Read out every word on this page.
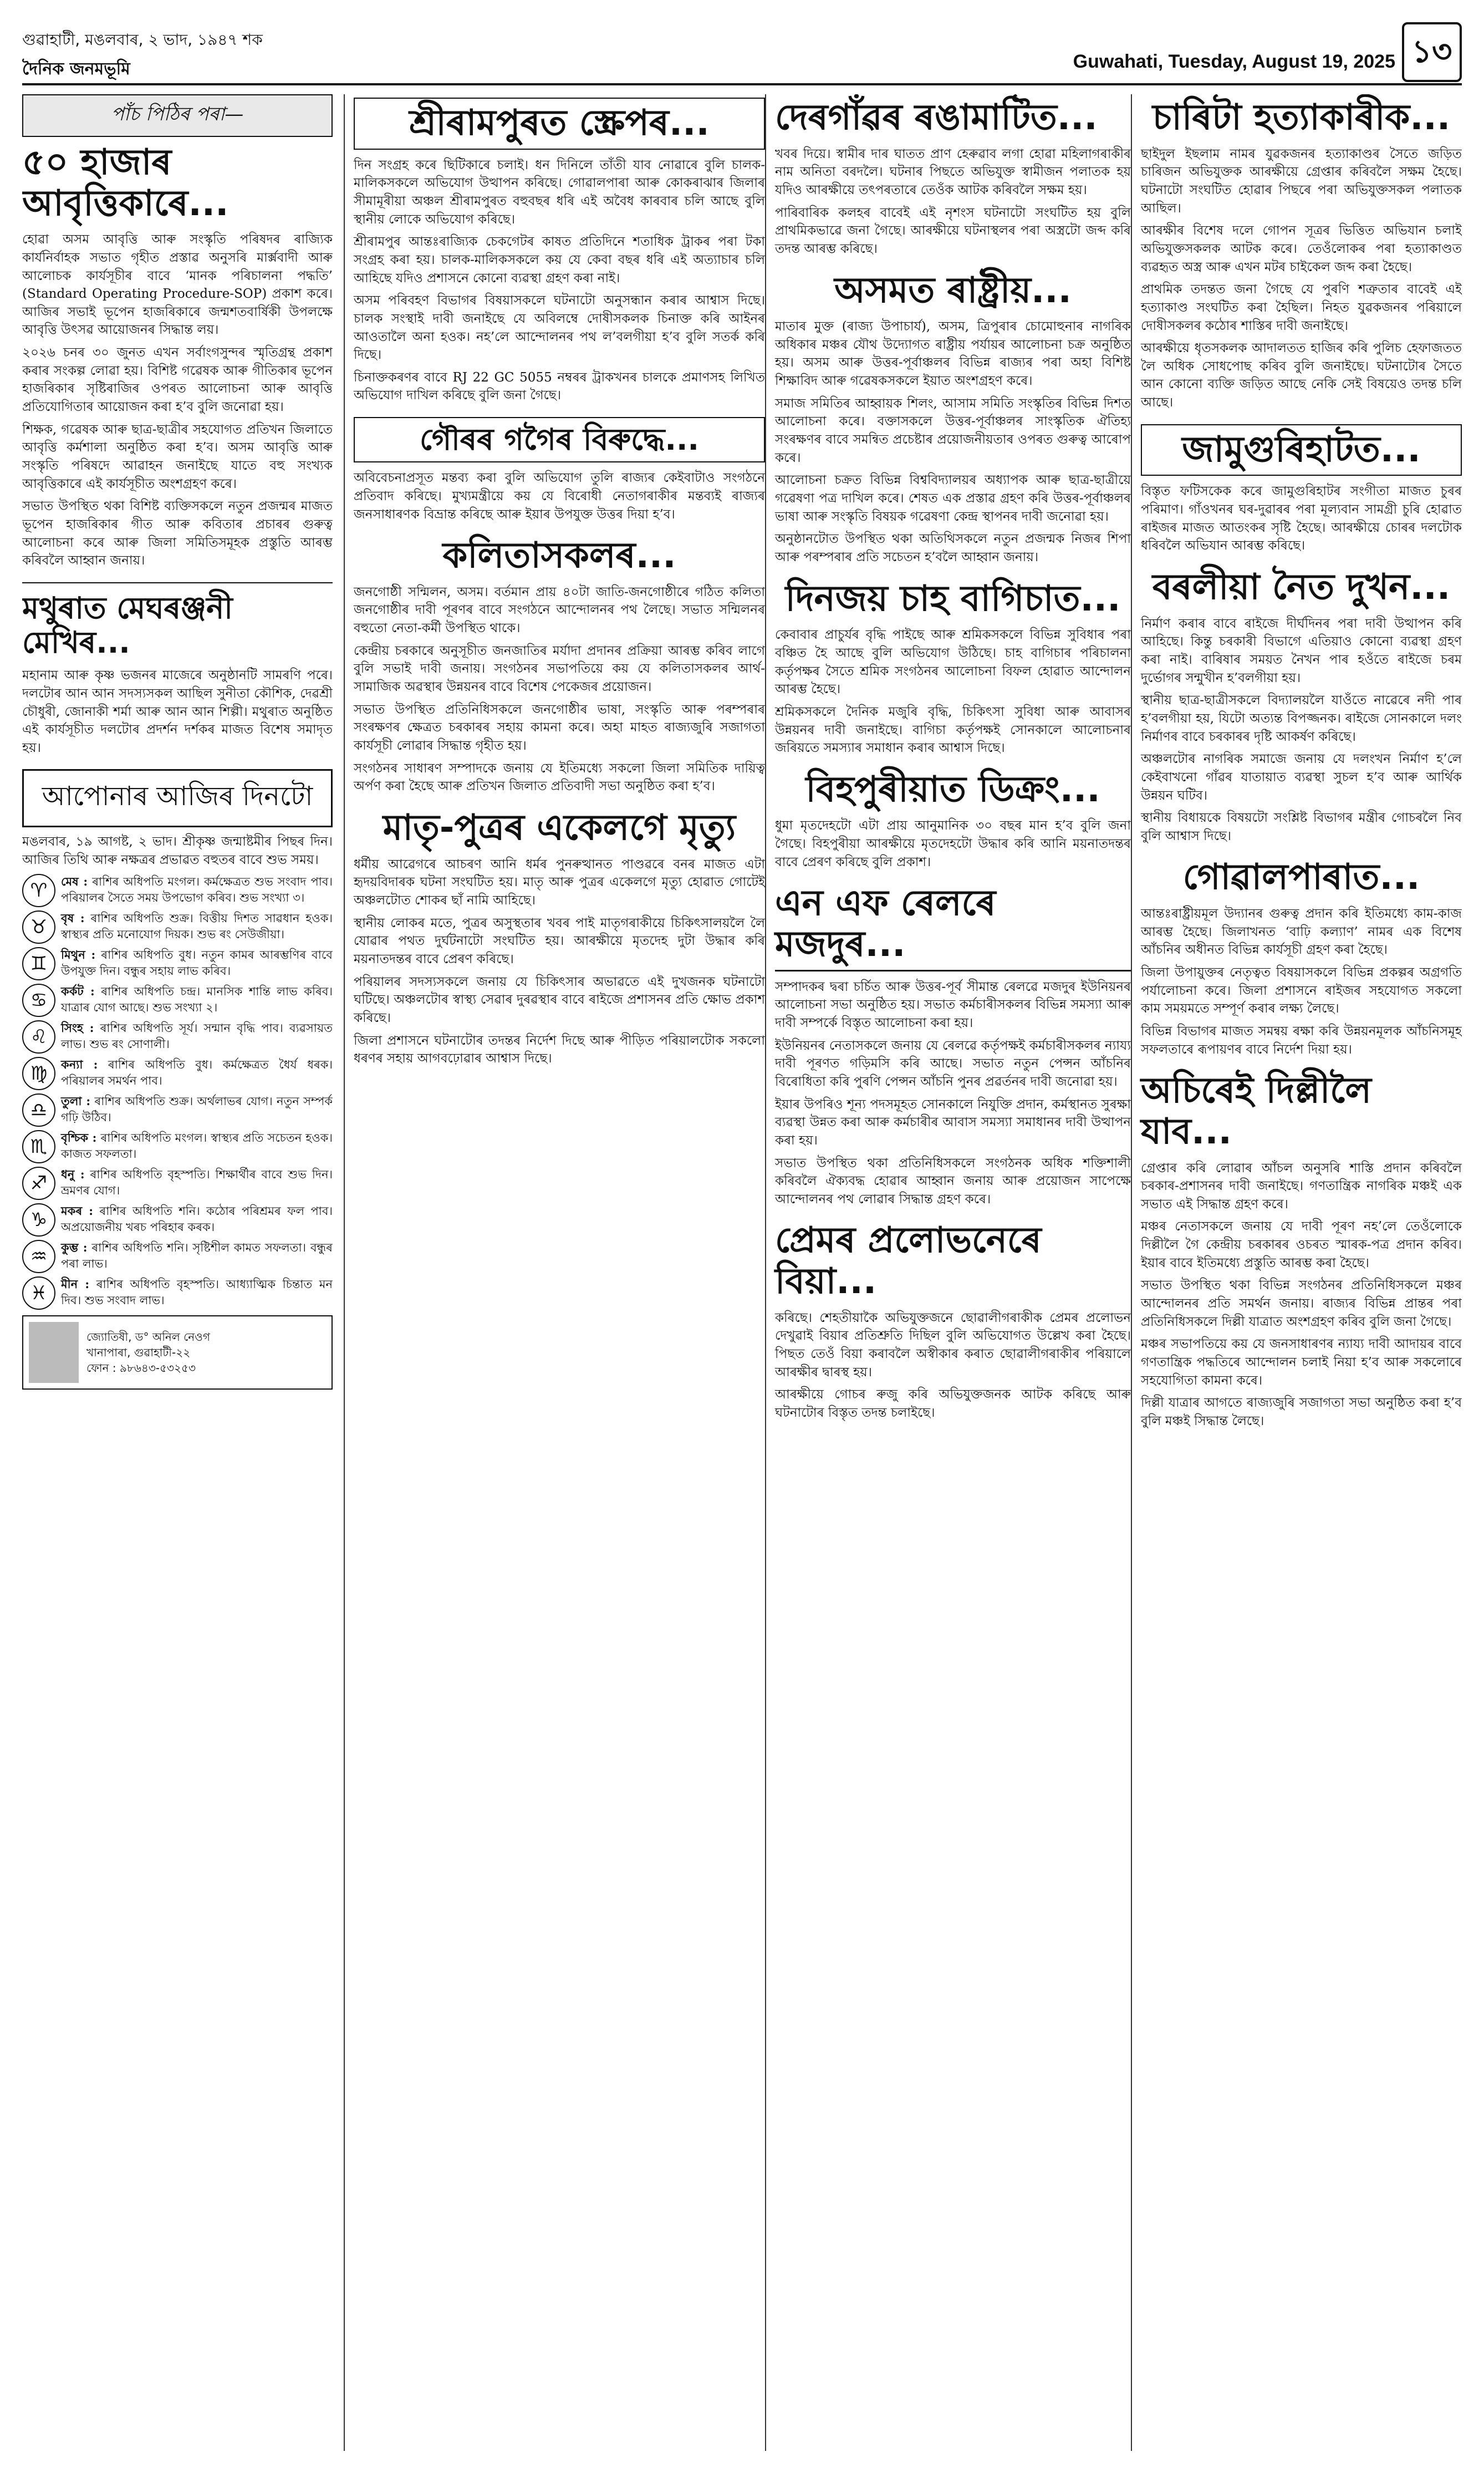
গুৱাহাটী, মঙলবাৰ, ২ ভাদ, ১৯৪৭ শক
দৈনিক জনমভূমি	Guwahati, Tuesday, August 19, 2025 ১৩
পাঁচ পিঠিৰ পৰা—
৫০ হাজাৰ আবৃত্তিকাৰে...

হোৱা অসম আবৃত্তি আৰু সংস্কৃতি পৰিষদৰ ৰাজ্যিক কাৰ্যনিৰ্বাহক সভাত গৃহীত প্ৰস্তাৱ অনুসৰি মাৰ্ক্সবাদী আৰু আলোচক কাৰ্যসূচীৰ বাবে ‘মানক পৰিচালনা পদ্ধতি’ (Standard Operating Procedure-SOP) প্ৰকাশ কৰে। আজিৰ সভাই ভূপেন হাজৰিকাৰে জন্মশতবাৰ্ষিকী উপলক্ষে আবৃত্তি উৎসৱ আয়োজনৰ সিদ্ধান্ত লয়।

২০২৬ চনৰ ৩০ জুনত এখন সৰ্বাংগসুন্দৰ স্মৃতিগ্ৰন্থ প্ৰকাশ কৰাৰ সংকল্প লোৱা হয়। বিশিষ্ট গৱেষক আৰু গীতিকাৰ ভূপেন হাজৰিকাৰ সৃষ্টিৰাজিৰ ওপৰত আলোচনা আৰু আবৃত্তি প্ৰতিযোগিতাৰ আয়োজন কৰা হ’ব বুলি জনোৱা হয়।

শিক্ষক, গৱেষক আৰু ছাত্ৰ-ছাত্ৰীৰ সহযোগত প্ৰতিখন জিলাতে আবৃত্তি কৰ্মশালা অনুষ্ঠিত কৰা হ’ব। অসম আবৃত্তি আৰু সংস্কৃতি পৰিষদে আৱাহন জনাইছে যাতে বহু সংখ্যক আবৃত্তিকাৰে এই কাৰ্যসূচীত অংশগ্ৰহণ কৰে।

সভাত উপস্থিত থকা বিশিষ্ট ব্যক্তিসকলে নতুন প্ৰজন্মৰ মাজত ভূপেন হাজৰিকাৰ গীত আৰু কবিতাৰ প্ৰচাৰৰ গুৰুত্ব আলোচনা কৰে আৰু জিলা সমিতিসমূহক প্ৰস্তুতি আৰম্ভ কৰিবলৈ আহ্বান জনায়।

মথুৰাত মেঘৰঞ্জনী মেখিৰ...

মহানাম আৰু কৃষ্ণ ভজনৰ মাজেৰে অনুষ্ঠানটি সামৰণি পৰে। দলটোৰ আন আন সদস্যসকল আছিল সুনীতা কৌশিক, দেৱশ্ৰী চৌধুৰী, জোনাকী শৰ্মা আৰু আন আন শিল্পী। মথুৰাত অনুষ্ঠিত এই কাৰ্যসূচীত দলটোৰ প্ৰদৰ্শন দৰ্শকৰ মাজত বিশেষ সমাদৃত হয়।

আপোনাৰ আজিৰ দিনটো

মঙলবাৰ, ১৯ আগষ্ট, ২ ভাদ। শ্ৰীকৃষ্ণ জন্মাষ্টমীৰ পিছৰ দিন। আজিৰ তিথি আৰু নক্ষত্ৰৰ প্ৰভাৱত বহুতৰ বাবে শুভ সময়।

♈	মেষ : ৰাশিৰ অধিপতি মংগল। কৰ্মক্ষেত্ৰত শুভ সংবাদ পাব। পৰিয়ালৰ সৈতে সময় উপভোগ কৰিব। শুভ সংখ্যা ৩।
♉	বৃষ : ৰাশিৰ অধিপতি শুক্ৰ। বিত্তীয় দিশত সাৱধান হওক। স্বাস্থ্যৰ প্ৰতি মনোযোগ দিয়ক। শুভ ৰং সেউজীয়া।
♊	মিথুন : ৰাশিৰ অধিপতি বুধ। নতুন কামৰ আৰম্ভণিৰ বাবে উপযুক্ত দিন। বন্ধুৰ সহায় লাভ কৰিব।
♋	কৰ্কট : ৰাশিৰ অধিপতি চন্দ্ৰ। মানসিক শান্তি লাভ কৰিব। যাত্ৰাৰ যোগ আছে। শুভ সংখ্যা ২।
♌	সিংহ : ৰাশিৰ অধিপতি সূৰ্য। সন্মান বৃদ্ধি পাব। ব্যৱসায়ত লাভ। শুভ ৰং সোণালী।
♍	কন্যা : ৰাশিৰ অধিপতি বুধ। কৰ্মক্ষেত্ৰত ধৈৰ্য ধৰক। পৰিয়ালৰ সমৰ্থন পাব।
♎	তুলা : ৰাশিৰ অধিপতি শুক্ৰ। অৰ্থলাভৰ যোগ। নতুন সম্পৰ্ক গঢ়ি উঠিব।
♏	বৃশ্চিক : ৰাশিৰ অধিপতি মংগল। স্বাস্থ্যৰ প্ৰতি সচেতন হওক। কাজত সফলতা।
♐	ধনু : ৰাশিৰ অধিপতি বৃহস্পতি। শিক্ষাৰ্থীৰ বাবে শুভ দিন। ভ্ৰমণৰ যোগ।
♑	মকৰ : ৰাশিৰ অধিপতি শনি। কঠোৰ পৰিশ্ৰমৰ ফল পাব। অপ্ৰয়োজনীয় খৰচ পৰিহাৰ কৰক।
♒	কুম্ভ : ৰাশিৰ অধিপতি শনি। সৃষ্টিশীল কামত সফলতা। বন্ধুৰ পৰা লাভ।
♓	মীন : ৰাশিৰ অধিপতি বৃহস্পতি। আধ্যাত্মিক চিন্তাত মন দিব। শুভ সংবাদ লাভ।
জ্যোতিষী, ড° অনিল নেওগ
খানাপাৰা, গুৱাহাটী-২২
ফোন : ৯৮৬৪৩-৫৩২৫৩
শ্ৰীৰামপুৰত স্ক্ৰেপৰ...

দিন সংগ্ৰহ কৰে ছিটিকাৰে চলাই। ধন দিনিলে তাঁতী যাব নোৱাৰে বুলি চালক-মালিকসকলে অভিযোগ উত্থাপন কৰিছে। গোৱালপাৰা আৰু কোকৰাঝাৰ জিলাৰ সীমামূৰীয়া অঞ্চল শ্ৰীৰামপুৰত বহুবছৰ ধৰি এই অবৈধ কাৰবাৰ চলি আছে বুলি স্থানীয় লোকে অভিযোগ কৰিছে।

শ্ৰীৰামপুৰ আন্তঃৰাজ্যিক চেকগেটৰ কাষত প্ৰতিদিনে শতাধিক ট্ৰাকৰ পৰা টকা সংগ্ৰহ কৰা হয়। চালক-মালিকসকলে কয় যে কেবা বছৰ ধৰি এই অত্যাচাৰ চলি আহিছে যদিও প্ৰশাসনে কোনো ব্যৱস্থা গ্ৰহণ কৰা নাই।

অসম পৰিবহণ বিভাগৰ বিষয়াসকলে ঘটনাটো অনুসন্ধান কৰাৰ আশ্বাস দিছে। চালক সংস্থাই দাবী জনাইছে যে অবিলম্বে দোষীসকলক চিনাক্ত কৰি আইনৰ আওতালৈ অনা হওক। নহ’লে আন্দোলনৰ পথ ল’বলগীয়া হ’ব বুলি সতৰ্ক কৰি দিছে।

চিনাক্তকৰণৰ বাবে RJ 22 GC 5055 নম্বৰৰ ট্ৰাকখনৰ চালকে প্ৰমাণসহ লিখিত অভিযোগ দাখিল কৰিছে বুলি জনা গৈছে।

গৌৰৰ গগৈৰ বিৰুদ্ধে...

অবিবেচনাপ্ৰসূত মন্তব্য কৰা বুলি অভিযোগ তুলি ৰাজ্যৰ কেইবাটাও সংগঠনে প্ৰতিবাদ কৰিছে। মুখ্যমন্ত্ৰীয়ে কয় যে বিৰোধী নেতাগৰাকীৰ মন্তব্যই ৰাজ্যৰ জনসাধাৰণক বিভ্ৰান্ত কৰিছে আৰু ইয়াৰ উপযুক্ত উত্তৰ দিয়া হ’ব।

কলিতাসকলৰ...

জনগোষ্ঠী সন্মিলন, অসম। বৰ্তমান প্ৰায় ৪০টা জাতি-জনগোষ্ঠীৰে গঠিত কলিতা জনগোষ্ঠীৰ দাবী পূৰণৰ বাবে সংগঠনে আন্দোলনৰ পথ লৈছে। সভাত সন্মিলনৰ বহুতো নেতা-কৰ্মী উপস্থিত থাকে।

কেন্দ্ৰীয় চৰকাৰে অনুসূচীত জনজাতিৰ মৰ্যাদা প্ৰদানৰ প্ৰক্ৰিয়া আৰম্ভ কৰিব লাগে বুলি সভাই দাবী জনায়। সংগঠনৰ সভাপতিয়ে কয় যে কলিতাসকলৰ আৰ্থ-সামাজিক অৱস্থাৰ উন্নয়নৰ বাবে বিশেষ পেকেজৰ প্ৰয়োজন।

সভাত উপস্থিত প্ৰতিনিধিসকলে জনগোষ্ঠীৰ ভাষা, সংস্কৃতি আৰু পৰম্পৰাৰ সংৰক্ষণৰ ক্ষেত্ৰত চৰকাৰৰ সহায় কামনা কৰে। অহা মাহত ৰাজ্যজুৰি সজাগতা কাৰ্যসূচী লোৱাৰ সিদ্ধান্ত গৃহীত হয়।

সংগঠনৰ সাধাৰণ সম্পাদকে জনায় যে ইতিমধ্যে সকলো জিলা সমিতিক দায়িত্ব অৰ্পণ কৰা হৈছে আৰু প্ৰতিখন জিলাত প্ৰতিবাদী সভা অনুষ্ঠিত কৰা হ’ব।

মাতৃ-পুত্ৰৰ একেলগে মৃত্যু

ধৰ্মীয় আৱেগৰে আচৰণ আনি ধৰ্মৰ পুনৰুত্থানত পাণ্ডৱৰে বনৰ মাজত এটা হৃদয়বিদাৰক ঘটনা সংঘটিত হয়। মাতৃ আৰু পুত্ৰৰ একেলগে মৃত্যু হোৱাত গোটেই অঞ্চলটোত শোকৰ ছাঁ নামি আহিছে।

স্থানীয় লোকৰ মতে, পুত্ৰৰ অসুস্থতাৰ খবৰ পাই মাতৃগৰাকীয়ে চিকিৎসালয়লৈ লৈ যোৱাৰ পথত দুৰ্ঘটনাটো সংঘটিত হয়। আৰক্ষীয়ে মৃতদেহ দুটা উদ্ধাৰ কৰি ময়নাতদন্তৰ বাবে প্ৰেৰণ কৰিছে।

পৰিয়ালৰ সদস্যসকলে জনায় যে চিকিৎসাৰ অভাৱতে এই দুখজনক ঘটনাটো ঘটিছে। অঞ্চলটোৰ স্বাস্থ্য সেৱাৰ দুৰৱস্থাৰ বাবে ৰাইজে প্ৰশাসনৰ প্ৰতি ক্ষোভ প্ৰকাশ কৰিছে।

জিলা প্ৰশাসনে ঘটনাটোৰ তদন্তৰ নিৰ্দেশ দিছে আৰু পীড়িত পৰিয়ালটোক সকলো ধৰণৰ সহায় আগবঢ়োৱাৰ আশ্বাস দিছে।

দেৰগাঁৱৰ ৰঙামাটিত...

খবৰ দিয়ে। স্বামীৰ দাৰ ঘাতত প্ৰাণ হেৰুৱাব লগা হোৱা মহিলাগৰাকীৰ নাম অনিতা বৰদলৈ। ঘটনাৰ পিছতে অভিযুক্ত স্বামীজন পলাতক হয় যদিও আৰক্ষীয়ে তৎপৰতাৰে তেওঁক আটক কৰিবলৈ সক্ষম হয়।

পাৰিবাৰিক কলহৰ বাবেই এই নৃশংস ঘটনাটো সংঘটিত হয় বুলি প্ৰাথমিকভাৱে জনা গৈছে। আৰক্ষীয়ে ঘটনাস্থলৰ পৰা অস্ত্ৰটো জব্দ কৰি তদন্ত আৰম্ভ কৰিছে।

অসমত ৰাষ্ট্ৰীয়...

মাতাৰ মুক্ত (ৰাজ্য উপাচাৰ্য), অসম, ত্ৰিপুৰাৰ চোমোহুনাৰ নাগৰিক অধিকাৰ মঞ্চৰ যৌথ উদ্যোগত ৰাষ্ট্ৰীয় পৰ্যায়ৰ আলোচনা চক্ৰ অনুষ্ঠিত হয়। অসম আৰু উত্তৰ-পূৰ্বাঞ্চলৰ বিভিন্ন ৰাজ্যৰ পৰা অহা বিশিষ্ট শিক্ষাবিদ আৰু গৱেষকসকলে ইয়াত অংশগ্ৰহণ কৰে।

সমাজ সমিতিৰ আহ্বায়ক শিলং, আসাম সমিতি সংস্কৃতিৰ বিভিন্ন দিশত আলোচনা কৰে। বক্তাসকলে উত্তৰ-পূৰ্বাঞ্চলৰ সাংস্কৃতিক ঐতিহ্য সংৰক্ষণৰ বাবে সমন্বিত প্ৰচেষ্টাৰ প্ৰয়োজনীয়তাৰ ওপৰত গুৰুত্ব আৰোপ কৰে।

আলোচনা চক্ৰত বিভিন্ন বিশ্ববিদ্যালয়ৰ অধ্যাপক আৰু ছাত্ৰ-ছাত্ৰীয়ে গৱেষণা পত্ৰ দাখিল কৰে। শেষত এক প্ৰস্তাৱ গ্ৰহণ কৰি উত্তৰ-পূৰ্বাঞ্চলৰ ভাষা আৰু সংস্কৃতি বিষয়ক গৱেষণা কেন্দ্ৰ স্থাপনৰ দাবী জনোৱা হয়।

অনুষ্ঠানটোত উপস্থিত থকা অতিথিসকলে নতুন প্ৰজন্মক নিজৰ শিপা আৰু পৰম্পৰাৰ প্ৰতি সচেতন হ’বলৈ আহ্বান জনায়।

দিনজয় চাহ বাগিচাত...

কেবাবাৰ প্ৰাচুৰ্যৰ বৃদ্ধি পাইছে আৰু শ্ৰমিকসকলে বিভিন্ন সুবিধাৰ পৰা বঞ্চিত হৈ আছে বুলি অভিযোগ উঠিছে। চাহ বাগিচাৰ পৰিচালনা কৰ্তৃপক্ষৰ সৈতে শ্ৰমিক সংগঠনৰ আলোচনা বিফল হোৱাত আন্দোলন আৰম্ভ হৈছে।

শ্ৰমিকসকলে দৈনিক মজুৰি বৃদ্ধি, চিকিৎসা সুবিধা আৰু আবাসৰ উন্নয়নৰ দাবী জনাইছে। বাগিচা কৰ্তৃপক্ষই সোনকালে আলোচনাৰ জৰিয়তে সমস্যাৰ সমাধান কৰাৰ আশ্বাস দিছে।

বিহপুৰীয়াত ডিক্ৰং...

ধুমা মৃতদেহটো এটা প্ৰায় আনুমানিক ৩০ বছৰ মান হ’ব বুলি জনা গৈছে। বিহপুৰীয়া আৰক্ষীয়ে মৃতদেহটো উদ্ধাৰ কৰি আনি ময়নাতদন্তৰ বাবে প্ৰেৰণ কৰিছে বুলি প্ৰকাশ।

এন এফ ৰেলৰে মজদুৰ...

সম্পাদকৰ দ্বৰা চৰ্চিত আৰু উত্তৰ-পূৰ্ব সীমান্ত ৰেলৱে মজদুৰ ইউনিয়নৰ আলোচনা সভা অনুষ্ঠিত হয়। সভাত কৰ্মচাৰীসকলৰ বিভিন্ন সমস্যা আৰু দাবী সম্পৰ্কে বিস্তৃত আলোচনা কৰা হয়।

ইউনিয়নৰ নেতাসকলে জনায় যে ৰেলৱে কৰ্তৃপক্ষই কৰ্মচাৰীসকলৰ ন্যায্য দাবী পূৰণত গড়িমসি কৰি আছে। সভাত নতুন পেন্সন আঁচনিৰ বিৰোধিতা কৰি পুৰণি পেন্সন আঁচনি পুনৰ প্ৰৱৰ্তনৰ দাবী জনোৱা হয়।

ইয়াৰ উপৰিও শূন্য পদসমূহত সোনকালে নিযুক্তি প্ৰদান, কৰ্মস্থানত সুৰক্ষা ব্যৱস্থা উন্নত কৰা আৰু কৰ্মচাৰীৰ আবাস সমস্যা সমাধানৰ দাবী উত্থাপন কৰা হয়।

সভাত উপস্থিত থকা প্ৰতিনিধিসকলে সংগঠনক অধিক শক্তিশালী কৰিবলৈ ঐক্যবদ্ধ হোৱাৰ আহ্বান জনায় আৰু প্ৰয়োজন সাপেক্ষে আন্দোলনৰ পথ লোৱাৰ সিদ্ধান্ত গ্ৰহণ কৰে।

প্ৰেমৰ প্ৰলোভনেৰে বিয়া...

কৰিছে। শেহতীয়াকৈ অভিযুক্তজনে ছোৱালীগৰাকীক প্ৰেমৰ প্ৰলোভন দেখুৱাই বিয়াৰ প্ৰতিশ্ৰুতি দিছিল বুলি অভিযোগত উল্লেখ কৰা হৈছে। পিছত তেওঁ বিয়া কৰাবলৈ অস্বীকাৰ কৰাত ছোৱালীগৰাকীৰ পৰিয়ালে আৰক্ষীৰ দ্বাৰস্থ হয়।

আৰক্ষীয়ে গোচৰ ৰুজু কৰি অভিযুক্তজনক আটক কৰিছে আৰু ঘটনাটোৰ বিস্তৃত তদন্ত চলাইছে।

চাৰিটা হত্যাকাৰীক...

ছাইদুল ইছলাম নামৰ যুৱকজনৰ হত্যাকাণ্ডৰ সৈতে জড়িত চাৰিজন অভিযুক্তক আৰক্ষীয়ে গ্ৰেপ্তাৰ কৰিবলৈ সক্ষম হৈছে। ঘটনাটো সংঘটিত হোৱাৰ পিছৰে পৰা অভিযুক্তসকল পলাতক আছিল।

আৰক্ষীৰ বিশেষ দলে গোপন সূত্ৰৰ ভিত্তিত অভিযান চলাই অভিযুক্তসকলক আটক কৰে। তেওঁলোকৰ পৰা হত্যাকাণ্ডত ব্যৱহৃত অস্ত্ৰ আৰু এখন মটৰ চাইকেল জব্দ কৰা হৈছে।

প্ৰাথমিক তদন্তত জনা গৈছে যে পুৰণি শত্ৰুতাৰ বাবেই এই হত্যাকাণ্ড সংঘটিত কৰা হৈছিল। নিহত যুৱকজনৰ পৰিয়ালে দোষীসকলৰ কঠোৰ শাস্তিৰ দাবী জনাইছে।

আৰক্ষীয়ে ধৃতসকলক আদালতত হাজিৰ কৰি পুলিচ হেফাজতত লৈ অধিক সোধপোছ কৰিব বুলি জনাইছে। ঘটনাটোৰ সৈতে আন কোনো ব্যক্তি জড়িত আছে নেকি সেই বিষয়েও তদন্ত চলি আছে।

জামুগুৰিহাটত...

বিস্তৃত ফটিসকেক কৰে জামুগুৰিহাটৰ সংগীতা মাজত চুৰৰ পৰিমাণ। গাঁওখনৰ ঘৰ-দুৱাৰৰ পৰা মূল্যবান সামগ্ৰী চুৰি হোৱাত ৰাইজৰ মাজত আতংকৰ সৃষ্টি হৈছে। আৰক্ষীয়ে চোৰৰ দলটোক ধৰিবলৈ অভিযান আৰম্ভ কৰিছে।

বৰলীয়া নৈত দুখন...

নিৰ্মাণ কৰাৰ বাবে ৰাইজে দীৰ্ঘদিনৰ পৰা দাবী উত্থাপন কৰি আহিছে। কিন্তু চৰকাৰী বিভাগে এতিয়াও কোনো ব্যৱস্থা গ্ৰহণ কৰা নাই। বাৰিষাৰ সময়ত নৈখন পাৰ হওঁতে ৰাইজে চৰম দুৰ্ভোগৰ সন্মুখীন হ’বলগীয়া হয়।

স্থানীয় ছাত্ৰ-ছাত্ৰীসকলে বিদ্যালয়লৈ যাওঁতে নাৱেৰে নদী পাৰ হ’বলগীয়া হয়, যিটো অত্যন্ত বিপজ্জনক। ৰাইজে সোনকালে দলং নিৰ্মাণৰ বাবে চৰকাৰৰ দৃষ্টি আকৰ্ষণ কৰিছে।

অঞ্চলটোৰ নাগৰিক সমাজে জনায় যে দলংখন নিৰ্মাণ হ’লে কেইবাখনো গাঁৱৰ যাতায়াত ব্যৱস্থা সুচল হ’ব আৰু আৰ্থিক উন্নয়ন ঘটিব।

স্থানীয় বিধায়কে বিষয়টো সংশ্লিষ্ট বিভাগৰ মন্ত্ৰীৰ গোচৰলৈ নিব বুলি আশ্বাস দিছে।

গোৱালপাৰাত...

আন্তঃৰাষ্ট্ৰীয়মূল উদ্যানৰ গুৰুত্ব প্ৰদান কৰি ইতিমধ্যে কাম-কাজ আৰম্ভ হৈছে। জিলাখনত ‘বাঢ়ি কল্যাণ’ নামৰ এক বিশেষ আঁচনিৰ অধীনত বিভিন্ন কাৰ্যসূচী গ্ৰহণ কৰা হৈছে।

জিলা উপায়ুক্তৰ নেতৃত্বত বিষয়াসকলে বিভিন্ন প্ৰকল্পৰ অগ্ৰগতি পৰ্যালোচনা কৰে। জিলা প্ৰশাসনে ৰাইজৰ সহযোগত সকলো কাম সময়মতে সম্পূৰ্ণ কৰাৰ লক্ষ্য লৈছে।

বিভিন্ন বিভাগৰ মাজত সমন্বয় ৰক্ষা কৰি উন্নয়নমূলক আঁচনিসমূহ সফলতাৰে ৰূপায়ণৰ বাবে নিৰ্দেশ দিয়া হয়।

অচিৰেই দিল্লীলৈ যাব...

গ্ৰেপ্তাৰ কৰি লোৱাৰ আঁচল অনুসৰি শাস্তি প্ৰদান কৰিবলৈ চৰকাৰ-প্ৰশাসনৰ দাবী জনাইছে। গণতান্ত্ৰিক নাগৰিক মঞ্চই এক সভাত এই সিদ্ধান্ত গ্ৰহণ কৰে।

মঞ্চৰ নেতাসকলে জনায় যে দাবী পূৰণ নহ’লে তেওঁলোকে দিল্লীলৈ গৈ কেন্দ্ৰীয় চৰকাৰৰ ওচৰত স্মাৰক-পত্ৰ প্ৰদান কৰিব। ইয়াৰ বাবে ইতিমধ্যে প্ৰস্তুতি আৰম্ভ কৰা হৈছে।

সভাত উপস্থিত থকা বিভিন্ন সংগঠনৰ প্ৰতিনিধিসকলে মঞ্চৰ আন্দোলনৰ প্ৰতি সমৰ্থন জনায়। ৰাজ্যৰ বিভিন্ন প্ৰান্তৰ পৰা প্ৰতিনিধিসকলে দিল্লী যাত্ৰাত অংশগ্ৰহণ কৰিব বুলি জনা গৈছে।

মঞ্চৰ সভাপতিয়ে কয় যে জনসাধাৰণৰ ন্যায্য দাবী আদায়ৰ বাবে গণতান্ত্ৰিক পদ্ধতিৰে আন্দোলন চলাই নিয়া হ’ব আৰু সকলোৰে সহযোগিতা কামনা কৰে।

দিল্লী যাত্ৰাৰ আগতে ৰাজ্যজুৰি সজাগতা সভা অনুষ্ঠিত কৰা হ’ব বুলি মঞ্চই সিদ্ধান্ত লৈছে।
